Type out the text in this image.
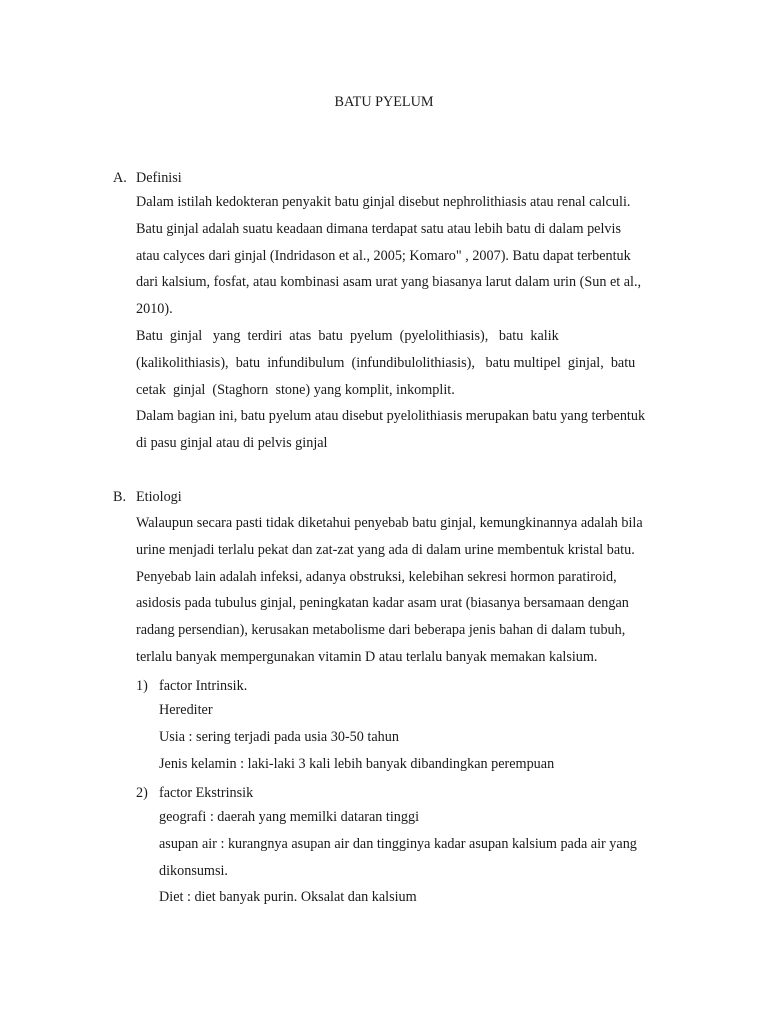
BATU PYELUM
A. Definisi
Dalam istilah kedokteran penyakit batu ginjal disebut nephrolithiasis atau renal calculi.
Batu ginjal adalah suatu keadaan dimana terdapat satu atau lebih batu di dalam pelvis
atau calyces dari ginjal (Indridason et al., 2005; Komaro" , 2007). Batu dapat terbentuk
dari kalsium, fosfat, atau kombinasi asam urat yang biasanya larut dalam urin (Sun et al.,
2010).
Batu  ginjal   yang  terdiri  atas  batu  pyelum  (pyelolithiasis),   batu  kalik
(kalikolithiasis),  batu  infundibulum  (infundibulolithiasis),   batu multipel  ginjal,  batu
cetak  ginjal  (Staghorn  stone) yang komplit, inkomplit.
Dalam bagian ini, batu pyelum atau disebut pyelolithiasis merupakan batu yang terbentuk
di pasu ginjal atau di pelvis ginjal
B. Etiologi
Walaupun secara pasti tidak diketahui penyebab batu ginjal, kemungkinannya adalah bila
urine menjadi terlalu pekat dan zat-zat yang ada di dalam urine membentuk kristal batu.
Penyebab lain adalah infeksi, adanya obstruksi, kelebihan sekresi hormon paratiroid,
asidosis pada tubulus ginjal, peningkatan kadar asam urat (biasanya bersamaan dengan
radang persendian), kerusakan metabolisme dari beberapa jenis bahan di dalam tubuh,
terlalu banyak mempergunakan vitamin D atau terlalu banyak memakan kalsium.
1) factor Intrinsik.
Herediter
Usia : sering terjadi pada usia 30-50 tahun
Jenis kelamin : laki-laki 3 kali lebih banyak dibandingkan perempuan
2) factor Ekstrinsik
geografi : daerah yang memilki dataran tinggi
asupan air : kurangnya asupan air dan tingginya kadar asupan kalsium pada air yang
dikonsumsi.
Diet : diet banyak purin. Oksalat dan kalsium
